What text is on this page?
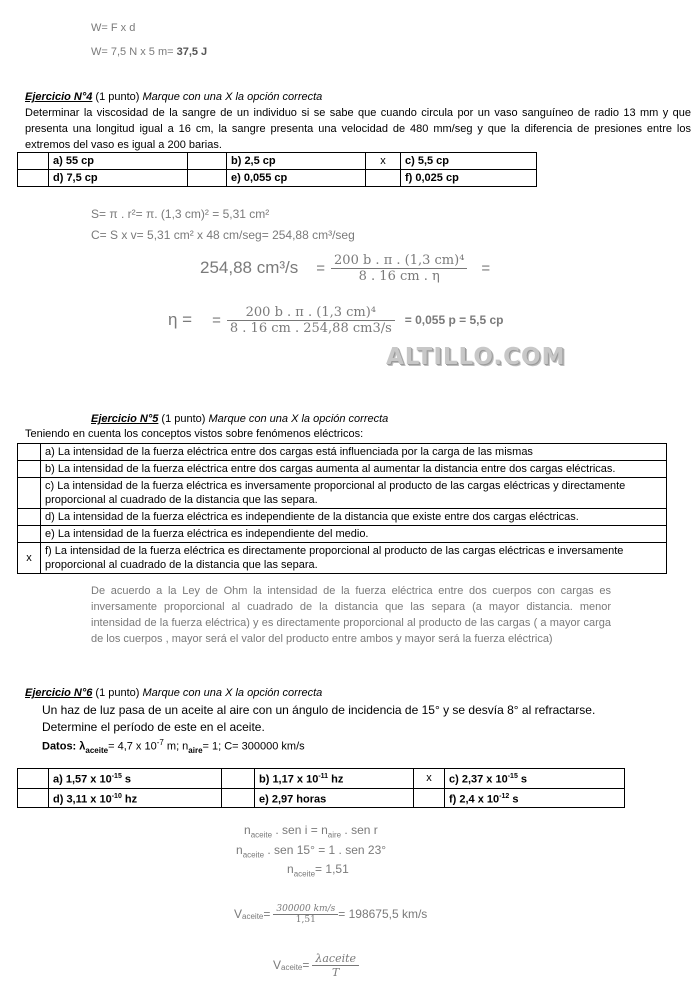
W= F x d
W= 7,5 N x 5 m= 37,5 J
Ejercicio N°4 (1 punto) Marque con una X la opción correcta
Determinar la viscosidad de la sangre de un individuo si se sabe que cuando circula por un vaso sanguíneo de radio 13 mm y que presenta una longitud igual a 16 cm, la sangre presenta una velocidad de 480 mm/seg y que la diferencia de presiones entre los extremos del vaso es igual a 200 barias.
	a) 55 cp		b) 2,5 cp	x	c) 5,5 cp
	d) 7,5 cp		e) 0,055 cp		f) 0,025 cp
S= π . r²= π. (1,3 cm)² = 5,31 cm²
C= S x v= 5,31 cm² x 48 cm/seg= 254,88 cm³/seg
254,88 $cm^3/s = \frac{\text{200 b . π . (1,3 cm)⁴}}{8 . 16 cm . \eta}$ =
η = = $\frac{\text{200 b . π . (1,3 cm)⁴}}{8 . 16 cm . 254,88 cm3/s} = 0,055$ p = 5,5 cp
ALTILLO.COM
Ejercicio N°5 (1 punto) Marque con una X la opción correcta
Teniendo en cuenta los conceptos vistos sobre fenómenos eléctricos:
	a) La intensidad de la fuerza eléctrica entre dos cargas está influenciada por la carga de las mismas
	b) La intensidad de la fuerza eléctrica entre dos cargas aumenta al aumentar la distancia entre dos cargas eléctricas.
	c) La intensidad de la fuerza eléctrica es inversamente proporcional al producto de las cargas eléctricas y directamente proporcional al cuadrado de la distancia que las separa.
	d) La intensidad de la fuerza eléctrica es independiente de la distancia que existe entre dos cargas eléctricas.
	e) La intensidad de la fuerza eléctrica es independiente del medio.
x	f) La intensidad de la fuerza eléctrica es directamente proporcional al producto de las cargas eléctricas e inversamente proporcional al cuadrado de la distancia que las separa.
De acuerdo a la Ley de Ohm la intensidad de la fuerza eléctrica entre dos cuerpos con cargas es inversamente proporcional al cuadrado de la distancia que las separa (a mayor distancia. menor intensidad de la fuerza eléctrica) y es directamente proporcional al producto de las cargas ( a mayor carga de los cuerpos , mayor será el valor del producto entre ambos y mayor será la fuerza eléctrica)
Ejercicio N°6 (1 punto) Marque con una X la opción correcta
Un haz de luz pasa de un aceite al aire con un ángulo de incidencia de 15° y se desvía 8° al refractarse. Determine el período de este en el aceite.
Datos: $\lambda_{aceite}= 4,7$ x $10^{-7}$ m; $n_{aire}= 1$; C= 300000 km/s
	a) 1,57 x $10^{-15}$ s		b) 1,17 x $10^{-11}$ hz	x	c) 2,37 x $10^{-15}$ s
	d) 3,11 x $10^{-10}$ hz		e) 2,97 horas		f) 2,4 x $10^{-12}$ s
$n_{aceite}$ . sen $i = n_{aire}$ . sen r
$n_{aceite}$ . sen 15° = 1 . sen 23°
$n_{aceite}= 1,51$
$V_{aceite} = \frac{300000 km/s}{1,51} = 198675,5$ km/s
$V_{aceite} = \frac{\text{λaceite}}{T}$
